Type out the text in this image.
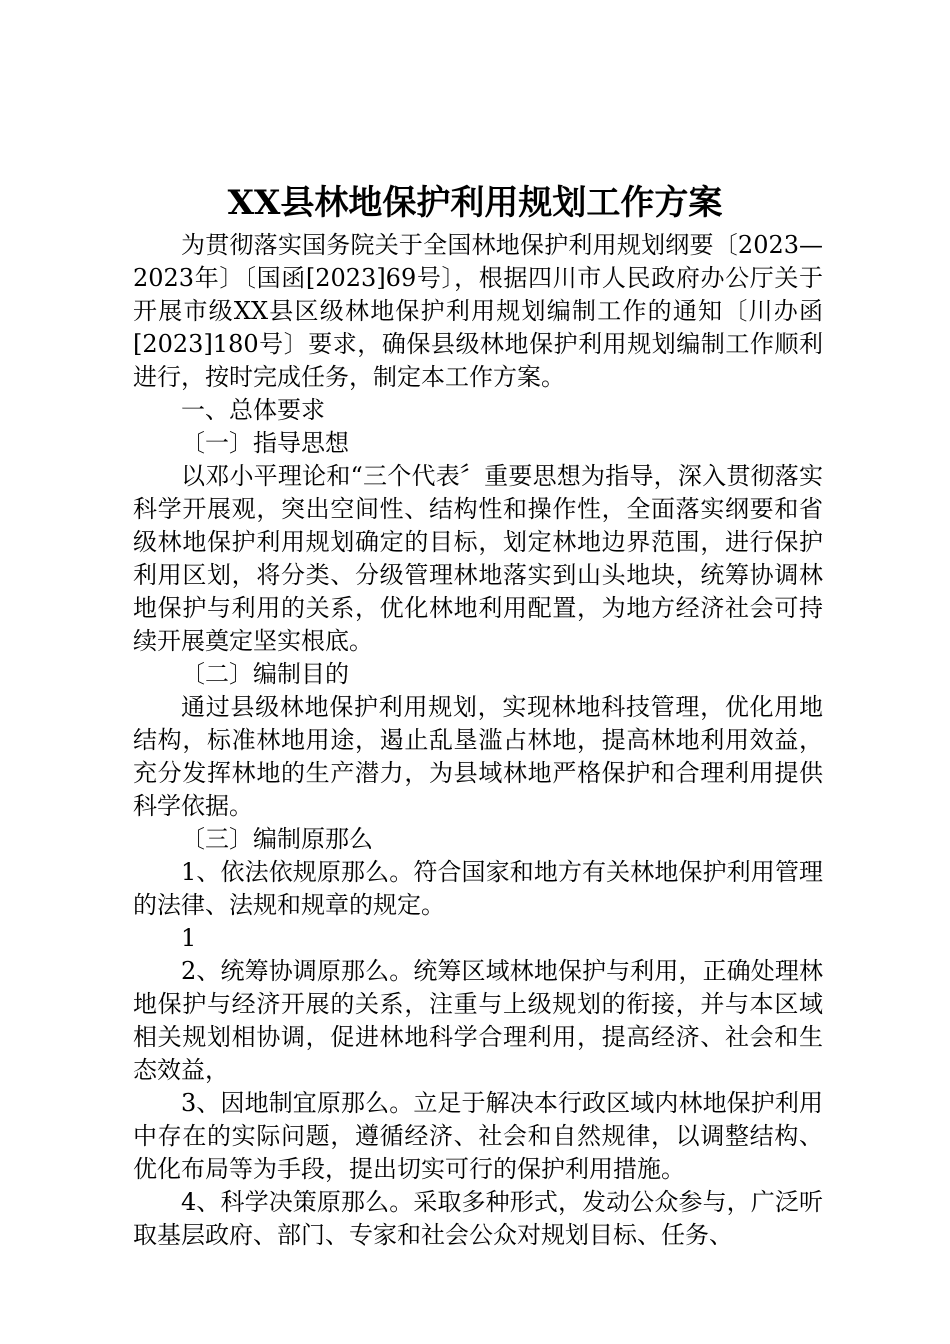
XX县林地保护利用规划工作方案

为贯彻落实国务院关于全国林地保护利用规划纲要〔2023—2023年〕〔国函[2023]69号〕，根据四川市人民政府办公厅关于开展市级XX县区级林地保护利用规划编制工作的通知〔川办函[2023]180号〕要求，确保县级林地保护利用规划编制工作顺利进行，按时完成任务，制定本工作方案。

一、总体要求

〔一〕指导思想

以邓小平理论和“三个代表〞重要思想为指导，深入贯彻落实科学开展观，突出空间性、结构性和操作性，全面落实纲要和省级林地保护利用规划确定的目标，划定林地边界范围，进行保护利用区划，将分类、分级管理林地落实到山头地块，统筹协调林地保护与利用的关系，优化林地利用配置，为地方经济社会可持续开展奠定坚实根底。

〔二〕编制目的

通过县级林地保护利用规划，实现林地科技管理，优化用地结构，标准林地用途，遏止乱垦滥占林地，提高林地利用效益，充分发挥林地的生产潜力，为县域林地严格保护和合理利用提供科学依据。

〔三〕编制原那么

1、依法依规原那么。符合国家和地方有关林地保护利用管理的法律、法规和规章的规定。

1

2、统筹协调原那么。统筹区域林地保护与利用，正确处理林地保护与经济开展的关系，注重与上级规划的衔接，并与本区域相关规划相协调，促进林地科学合理利用，提高经济、社会和生态效益，

3、因地制宜原那么。立足于解决本行政区域内林地保护利用中存在的实际问题，遵循经济、社会和自然规律，以调整结构、优化布局等为手段，提出切实可行的保护利用措施。

4、科学决策原那么。采取多种形式，发动公众参与，广泛听取基层政府、部门、专家和社会公众对规划目标、任务、
